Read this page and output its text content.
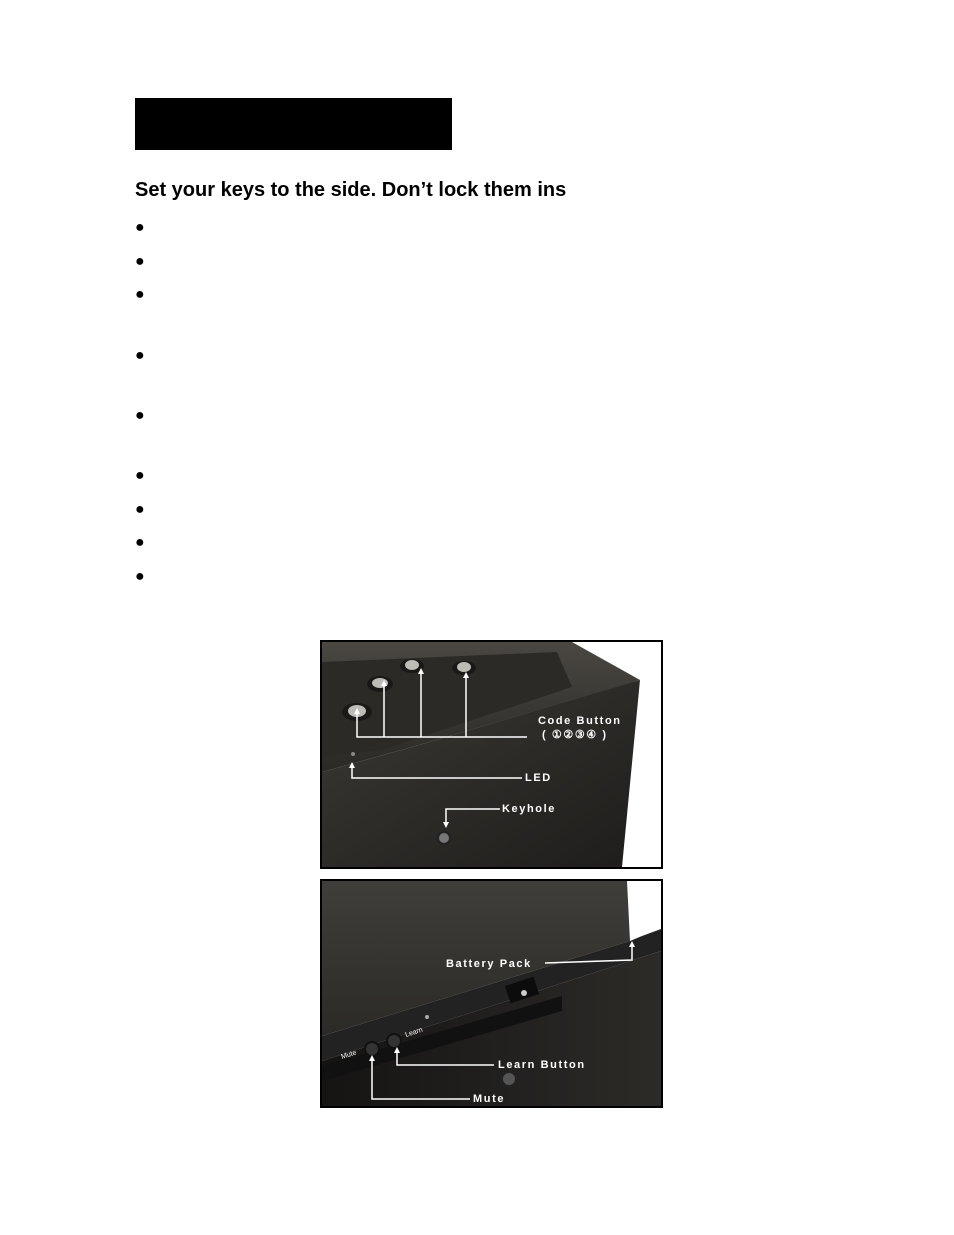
Set your keys to the side. Don’t lock them ins
●
●
●
●
●
●
●
●
●
Code Button
( ①②③④ )
LED
Keyhole
Mute
Learn
Battery Pack
Learn Button
Mute
